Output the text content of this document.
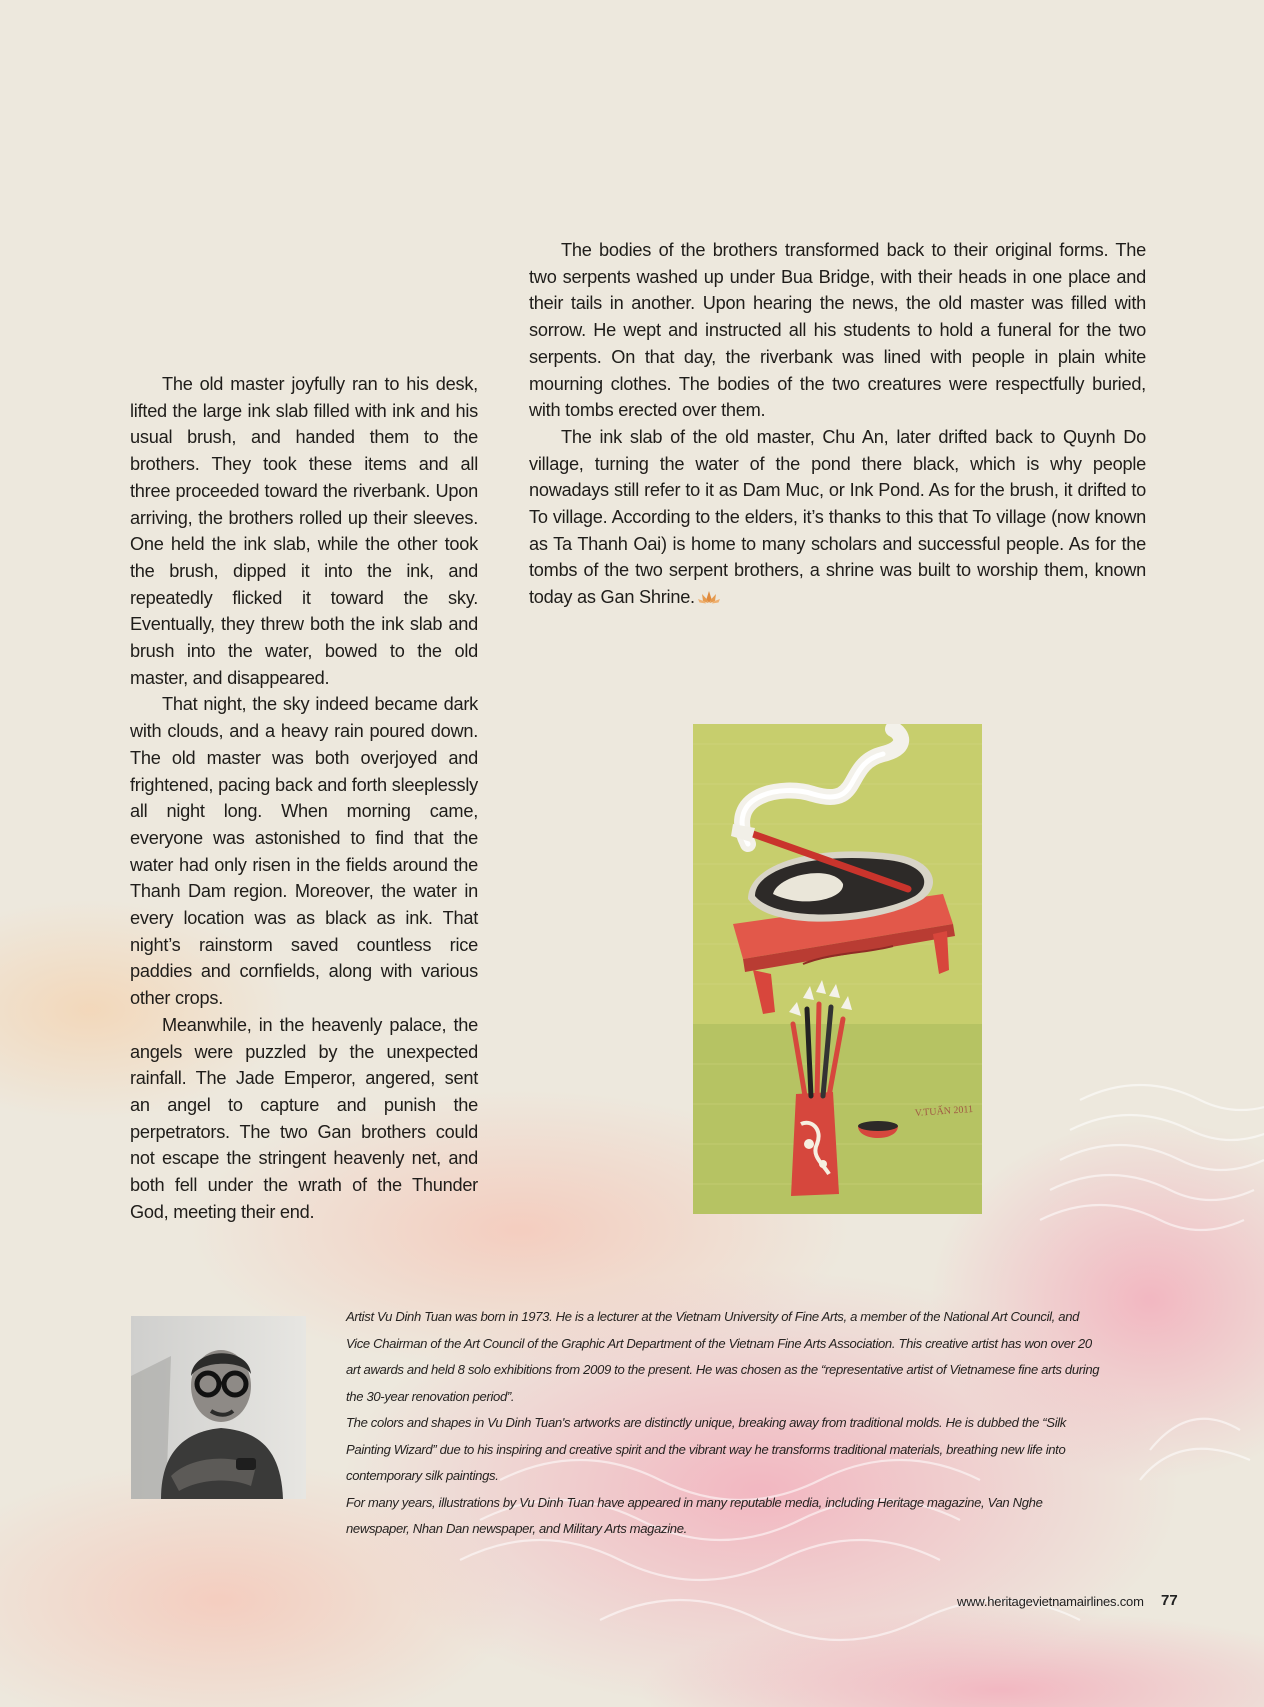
The old master joyfully ran to his desk, lifted the large ink slab filled with ink and his usual brush, and handed them to the brothers. They took these items and all three proceeded toward the riverbank. Upon arriving, the brothers rolled up their sleeves. One held the ink slab, while the other took the brush, dipped it into the ink, and repeatedly flicked it toward the sky. Eventually, they threw both the ink slab and brush into the water, bowed to the old master, and disappeared.

That night, the sky indeed became dark with clouds, and a heavy rain poured down. The old master was both overjoyed and frightened, pacing back and forth sleeplessly all night long. When morning came, everyone was astonished to find that the water had only risen in the fields around the Thanh Dam region. Moreover, the water in every location was as black as ink. That night’s rainstorm saved countless rice paddies and cornfields, along with various other crops.

Meanwhile, in the heavenly palace, the angels were puzzled by the unexpected rainfall. The Jade Emperor, angered, sent an angel to capture and punish the perpetrators. The two Gan brothers could not escape the stringent heavenly net, and both fell under the wrath of the Thunder God, meeting their end.

The bodies of the brothers transformed back to their original forms. The two serpents washed up under Bua Bridge, with their heads in one place and their tails in another. Upon hearing the news, the old master was filled with sorrow. He wept and instructed all his students to hold a funeral for the two serpents. On that day, the riverbank was lined with people in plain white mourning clothes. The bodies of the two creatures were respectfully buried, with tombs erected over them.

The ink slab of the old master, Chu An, later drifted back to Quynh Do village, turning the water of the pond there black, which is why people nowadays still refer to it as Dam Muc, or Ink Pond. As for the brush, it drifted to To village. According to the elders, it’s thanks to this that To village (now known as Ta Thanh Oai) is home to many scholars and successful people. As for the tombs of the two serpent brothers, a shrine was built to worship them, known today as Gan Shrine.

V.TUẤN 2011

Artist Vu Dinh Tuan was born in 1973. He is a lecturer at the Vietnam University of Fine Arts, a member of the National Art Council, and Vice Chairman of the Art Council of the Graphic Art Department of the Vietnam Fine Arts Association. This creative artist has won over 20 art awards and held 8 solo exhibitions from 2009 to the present. He was chosen as the “representative artist of Vietnamese fine arts during the 30-year renovation period”.

The colors and shapes in Vu Dinh Tuan's artworks are distinctly unique, breaking away from traditional molds. He is dubbed the “Silk Painting Wizard” due to his inspiring and creative spirit and the vibrant way he transforms traditional materials, breathing new life into contemporary silk paintings.

For many years, illustrations by Vu Dinh Tuan have appeared in many reputable media, including Heritage magazine, Van Nghe newspaper, Nhan Dan newspaper, and Military Arts magazine.

www.heritagevietnamairlines.com 77
